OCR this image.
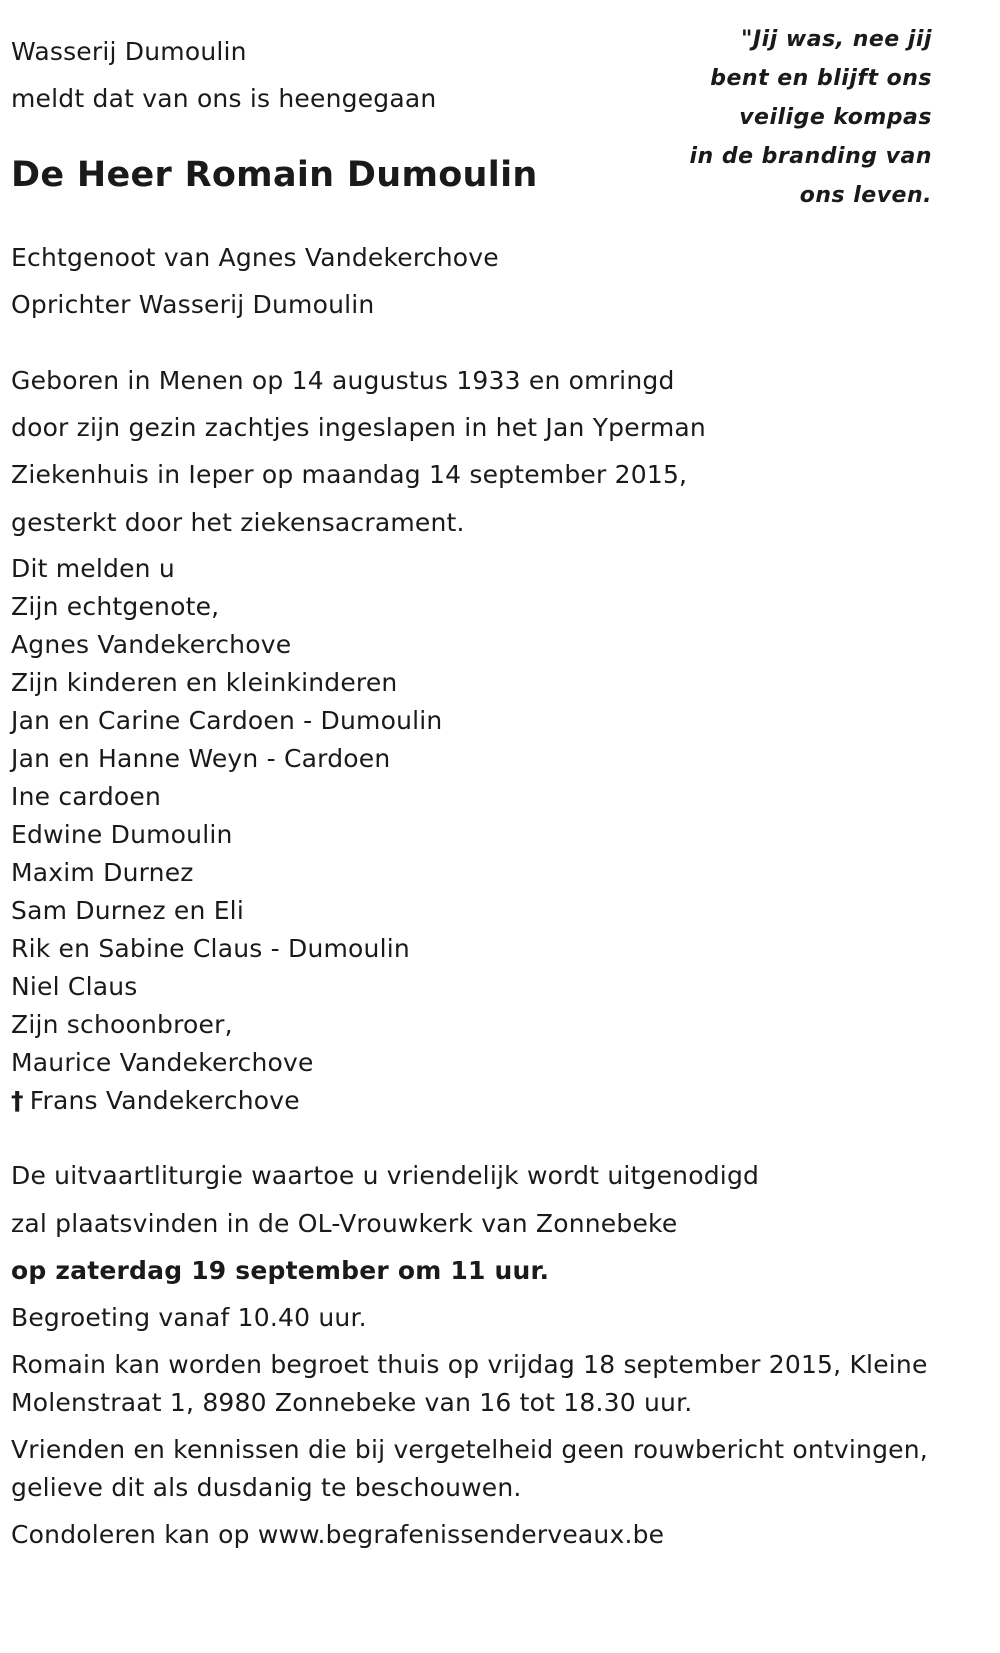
"Jij was, nee jij
bent en blijft ons
veilige kompas
in de branding van
ons leven.
Wasserij Dumoulin
meldt dat van ons is heengegaan
De Heer Romain Dumoulin
Echtgenoot van Agnes Vandekerchove
Oprichter Wasserij Dumoulin
Geboren in Menen op 14 augustus 1933 en omringd
door zijn gezin zachtjes ingeslapen in het Jan Yperman
Ziekenhuis in Ieper op maandag 14 september 2015,
gesterkt door het ziekensacrament.
Dit melden u
Zijn echtgenote,
Agnes Vandekerchove
Zijn kinderen en kleinkinderen
Jan en Carine Cardoen - Dumoulin
Jan en Hanne Weyn - Cardoen
Ine cardoen
Edwine Dumoulin
Maxim Durnez
Sam Durnez en Eli
Rik en Sabine Claus - Dumoulin
Niel Claus
Zijn schoonbroer,
Maurice Vandekerchove
† Frans Vandekerchove
De uitvaartliturgie waartoe u vriendelijk wordt uitgenodigd
zal plaatsvinden in de OL-Vrouwkerk van Zonnebeke
op zaterdag 19 september om 11 uur.
Begroeting vanaf 10.40 uur.
Romain kan worden begroet thuis op vrijdag 18 september 2015, Kleine
Molenstraat 1, 8980 Zonnebeke van 16 tot 18.30 uur.
Vrienden en kennissen die bij vergetelheid geen rouwbericht ontvingen,
gelieve dit als dusdanig te beschouwen.
Condoleren kan op www.begrafenissenderveaux.be
